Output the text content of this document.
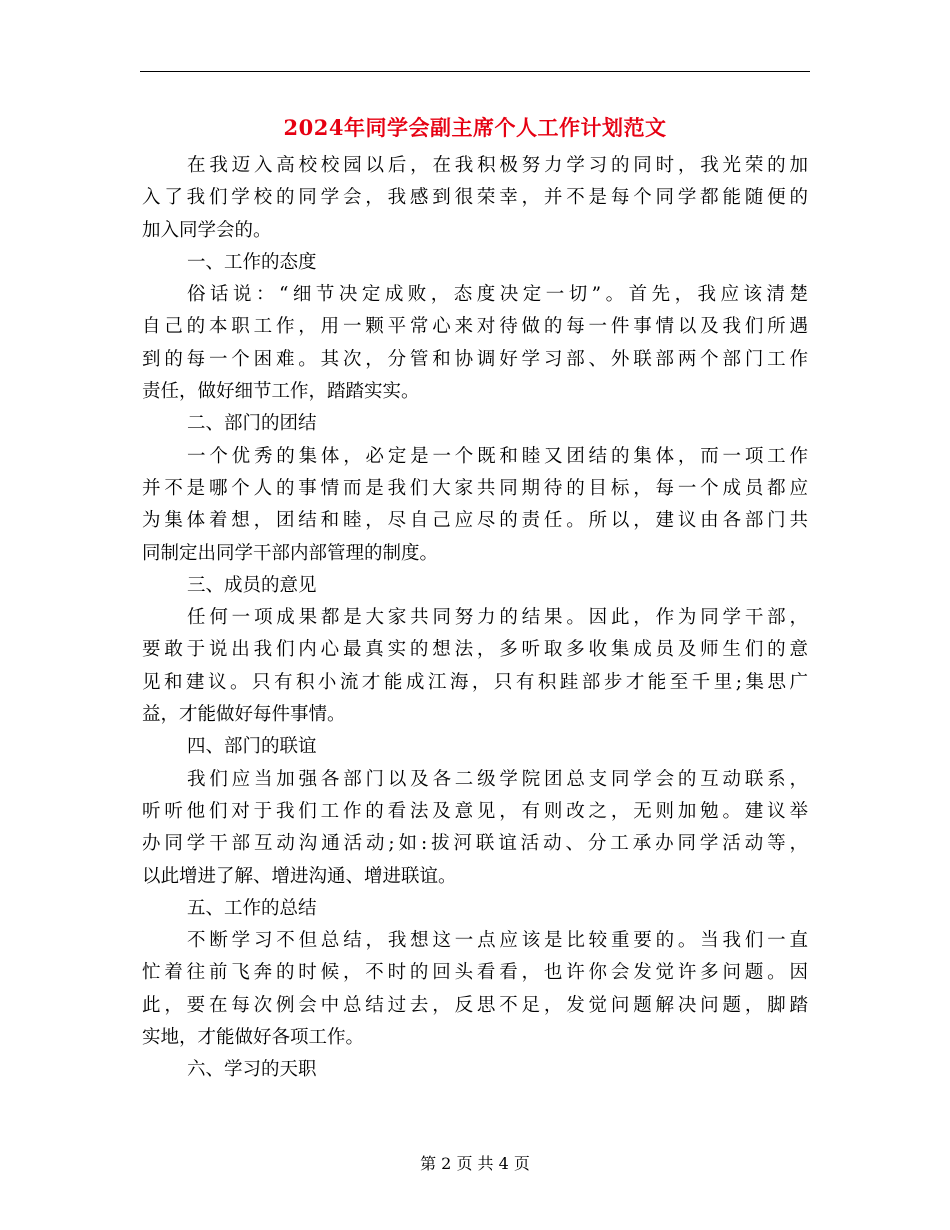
2024年同学会副主席个人工作计划范文
在我迈入高校校园以后，在我积极努力学习的同时，我光荣的加
入了我们学校的同学会，我感到很荣幸，并不是每个同学都能随便的
加入同学会的。
一、工作的态度
俗话说：“细节决定成败，态度决定一切”。首先，我应该清楚
自己的本职工作，用一颗平常心来对待做的每一件事情以及我们所遇
到的每一个困难。其次，分管和协调好学习部、外联部两个部门工作
责任，做好细节工作，踏踏实实。
二、部门的团结
一个优秀的集体，必定是一个既和睦又团结的集体，而一项工作
并不是哪个人的事情而是我们大家共同期待的目标，每一个成员都应
为集体着想，团结和睦，尽自己应尽的责任。所以，建议由各部门共
同制定出同学干部内部管理的制度。
三、成员的意见
任何一项成果都是大家共同努力的结果。因此，作为同学干部，
要敢于说出我们内心最真实的想法，多听取多收集成员及师生们的意
见和建议。只有积小流才能成江海，只有积跬部步才能至千里;集思广
益，才能做好每件事情。
四、部门的联谊
我们应当加强各部门以及各二级学院团总支同学会的互动联系，
听听他们对于我们工作的看法及意见，有则改之，无则加勉。建议举
办同学干部互动沟通活动;如:拔河联谊活动、分工承办同学活动等，
以此增进了解、增进沟通、增进联谊。
五、工作的总结
不断学习不但总结，我想这一点应该是比较重要的。当我们一直
忙着往前飞奔的时候，不时的回头看看，也许你会发觉许多问题。因
此，要在每次例会中总结过去，反思不足，发觉问题解决问题，脚踏
实地，才能做好各项工作。
六、学习的天职
第 2 页 共 4 页
